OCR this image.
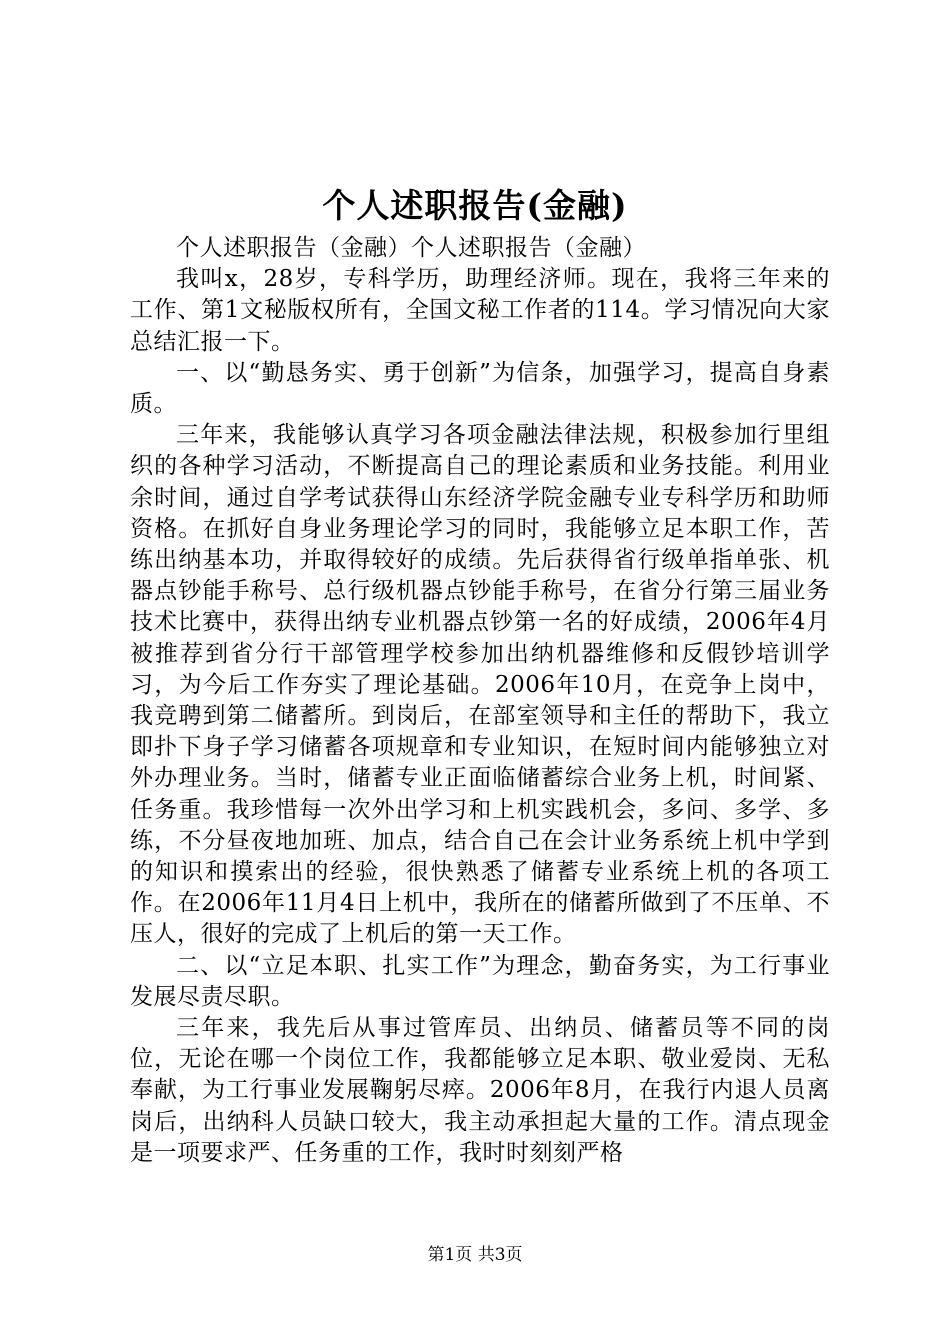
个人述职报告(金融)

个人述职报告（金融）个人述职报告（金融）

我叫x，28岁，专科学历，助理经济师。现在，我将三年来的工作、第1文秘版权所有，全国文秘工作者的114。学习情况向大家总结汇报一下。

一、以“勤恳务实、勇于创新”为信条，加强学习，提高自身素质。

三年来，我能够认真学习各项金融法律法规，积极参加行里组织的各种学习活动，不断提高自己的理论素质和业务技能。利用业余时间，通过自学考试获得山东经济学院金融专业专科学历和助师资格。在抓好自身业务理论学习的同时，我能够立足本职工作，苦练出纳基本功，并取得较好的成绩。先后获得省行级单指单张、机器点钞能手称号、总行级机器点钞能手称号，在省分行第三届业务技术比赛中，获得出纳专业机器点钞第一名的好成绩，2006年4月被推荐到省分行干部管理学校参加出纳机器维修和反假钞培训学习，为今后工作夯实了理论基础。2006年10月，在竞争上岗中，我竞聘到第二储蓄所。到岗后，在部室领导和主任的帮助下，我立即扑下身子学习储蓄各项规章和专业知识，在短时间内能够独立对外办理业务。当时，储蓄专业正面临储蓄综合业务上机，时间紧、任务重。我珍惜每一次外出学习和上机实践机会，多问、多学、多练，不分昼夜地加班、加点，结合自己在会计业务系统上机中学到的知识和摸索出的经验，很快熟悉了储蓄专业系统上机的各项工作。在2006年11月4日上机中，我所在的储蓄所做到了不压单、不压人，很好的完成了上机后的第一天工作。

二、以“立足本职、扎实工作”为理念，勤奋务实，为工行事业发展尽责尽职。

三年来，我先后从事过管库员、出纳员、储蓄员等不同的岗位，无论在哪一个岗位工作，我都能够立足本职、敬业爱岗、无私奉献，为工行事业发展鞠躬尽瘁。2006年8月，在我行内退人员离岗后，出纳科人员缺口较大，我主动承担起大量的工作。清点现金是一项要求严、任务重的工作，我时时刻刻严格

第1页 共3页
